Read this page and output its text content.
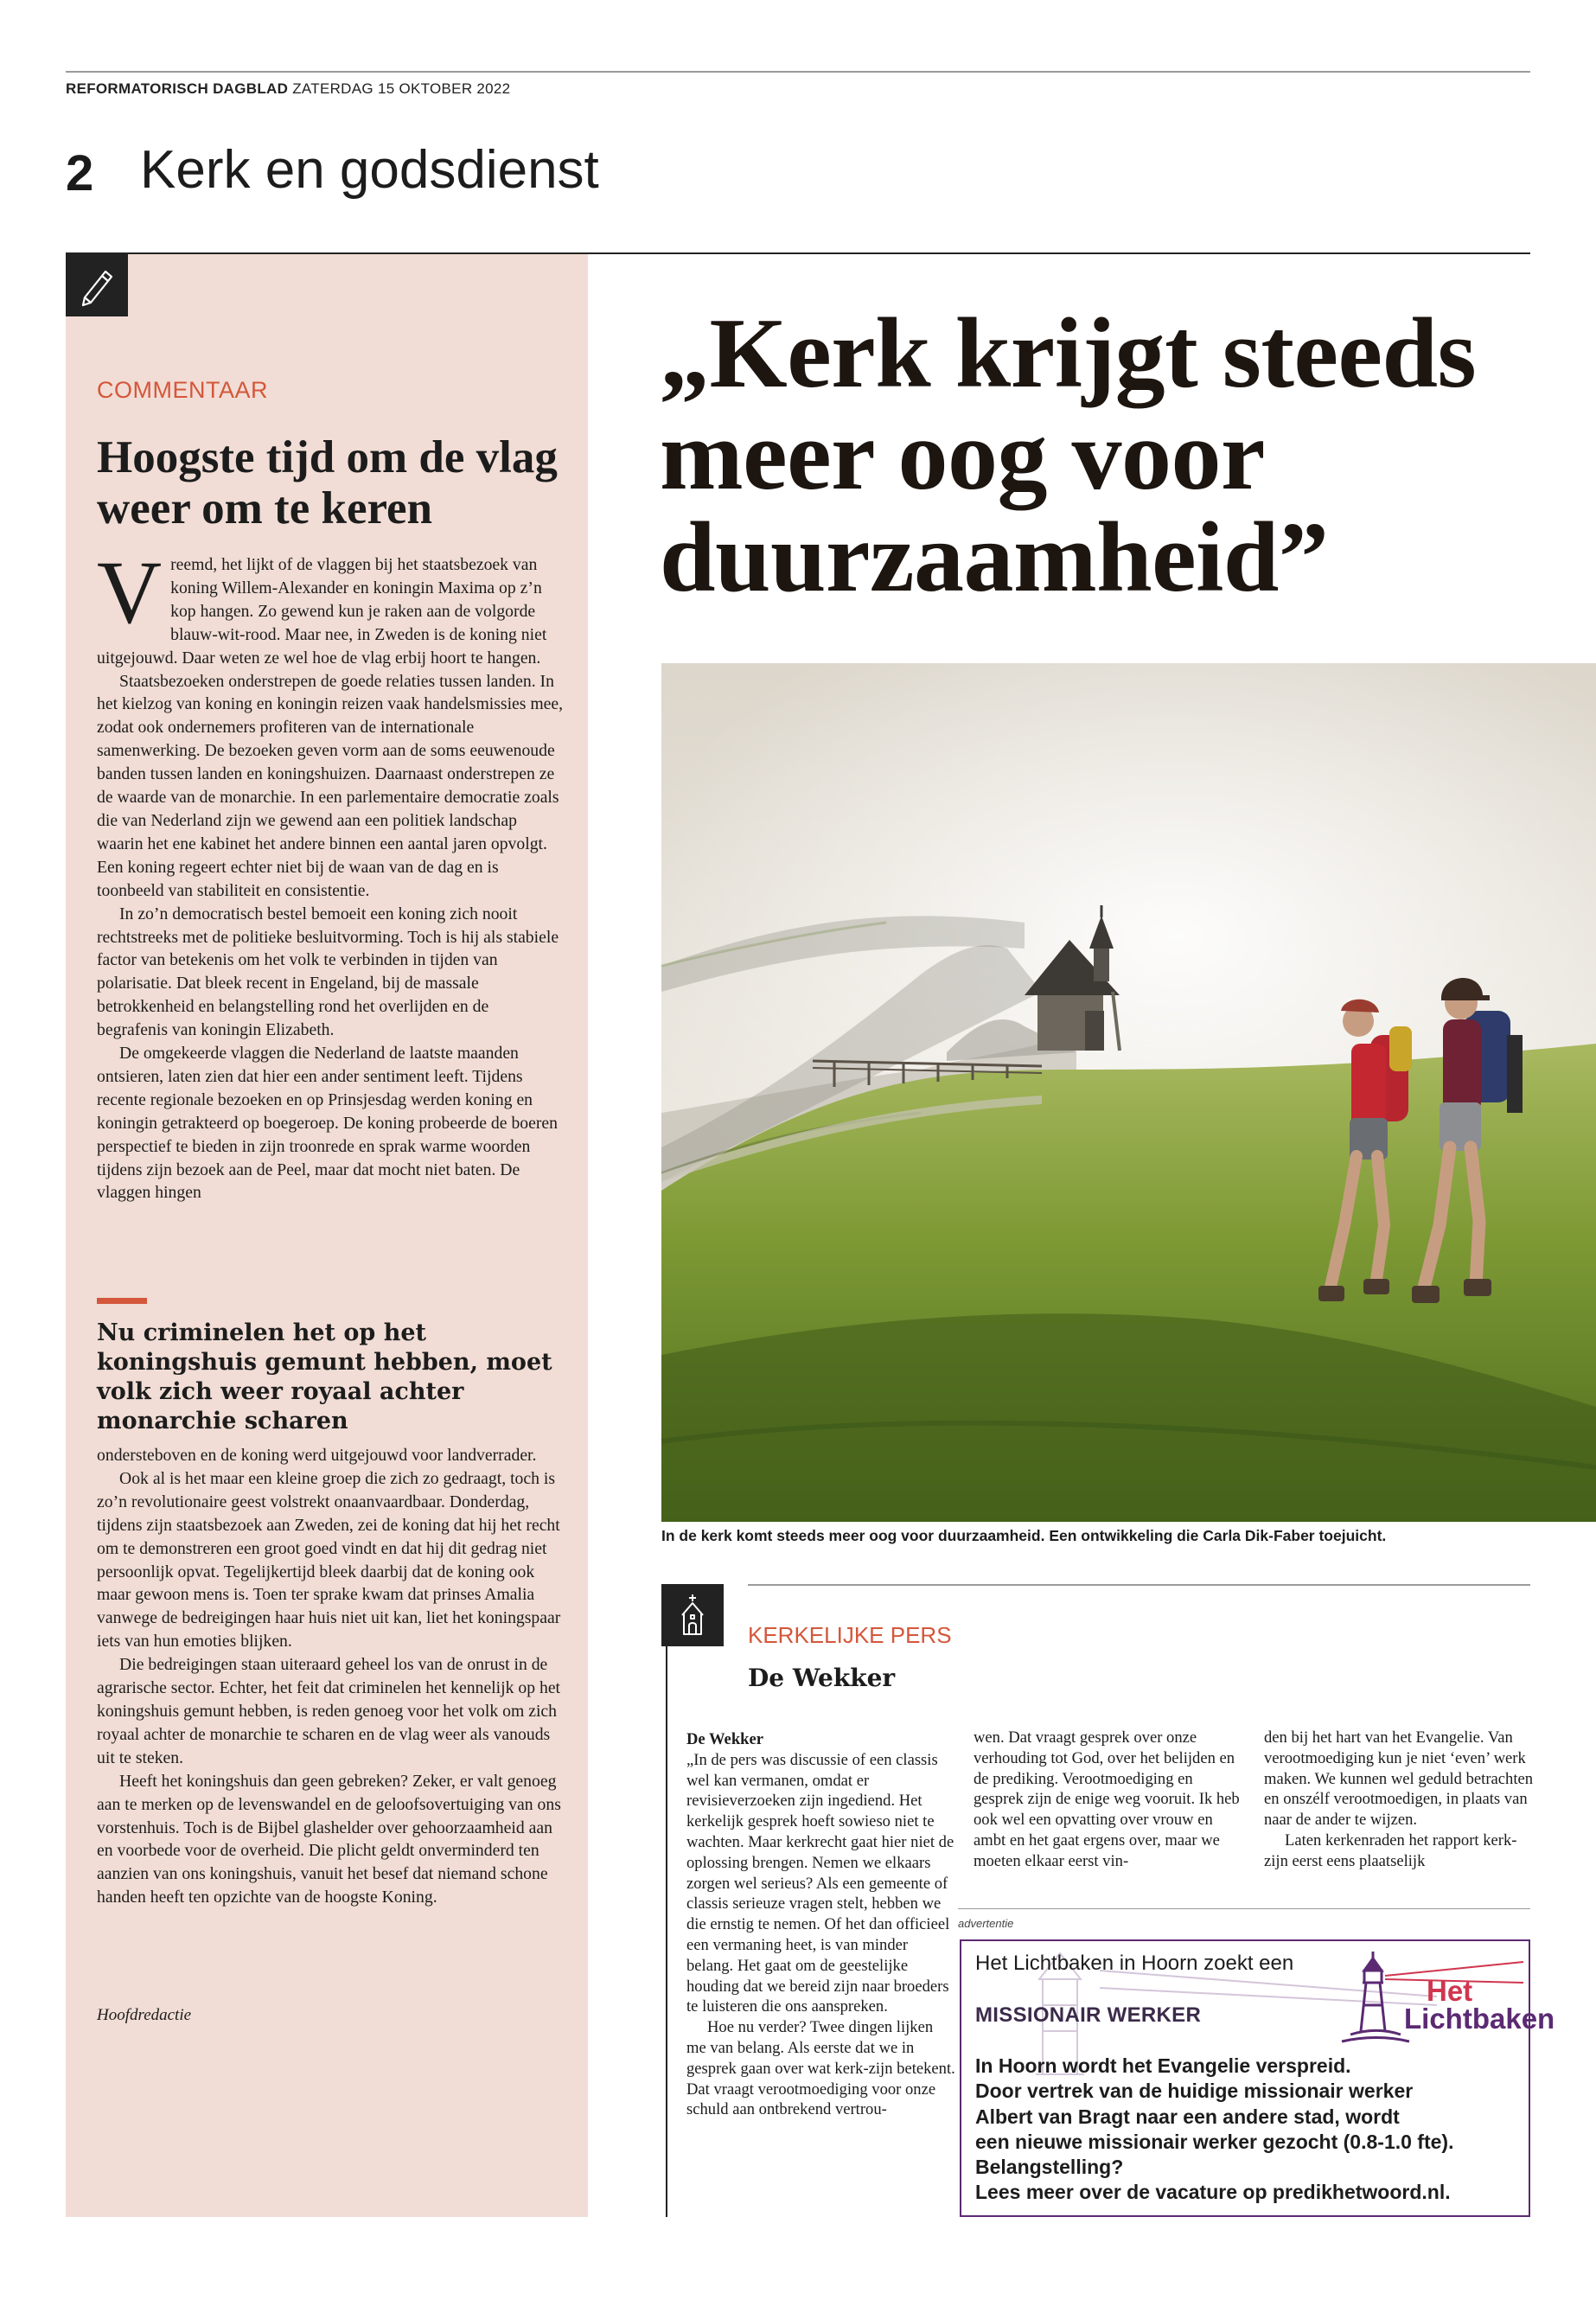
REFORMATORISCH DAGBLAD ZATERDAG 15 OKTOBER 2022
2 Kerk en godsdienst
COMMENTAAR
Hoogste tijd om de vlag weer om te keren

Vreemd, het lijkt of de vlaggen bij het staatsbezoek van koning Willem-Alexander en koningin Maxima op z’n kop hangen. Zo gewend kun je raken aan de volgorde blauw-wit-rood. Maar nee, in Zweden is de koning niet uitgejouwd. Daar weten ze wel hoe de vlag erbij hoort te hangen.

Staatsbezoeken onderstrepen de goede relaties tussen landen. In het kielzog van koning en koningin reizen vaak handelsmissies mee, zodat ook ondernemers profiteren van de internationale samenwerking. De bezoeken geven vorm aan de soms eeuwenoude banden tussen landen en koningshuizen. Daarnaast onderstrepen ze de waarde van de monarchie. In een parlementaire democratie zoals die van Nederland zijn we gewend aan een politiek landschap waarin het ene kabinet het andere binnen een aantal jaren opvolgt. Een koning regeert echter niet bij de waan van de dag en is toonbeeld van stabiliteit en consistentie.

In zo’n democratisch bestel bemoeit een koning zich nooit rechtstreeks met de politieke besluitvorming. Toch is hij als stabiele factor van betekenis om het volk te verbinden in tijden van polarisatie. Dat bleek recent in Engeland, bij de massale betrokkenheid en belangstelling rond het overlijden en de begrafenis van koningin Elizabeth.

De omgekeerde vlaggen die Nederland de laatste maanden ontsieren, laten zien dat hier een ander sentiment leeft. Tijdens recente regionale bezoeken en op Prinsjesdag werden koning en koningin getrakteerd op boegeroep. De koning probeerde de boeren perspectief te bieden in zijn troonrede en sprak warme woorden tijdens zijn bezoek aan de Peel, maar dat mocht niet baten. De vlaggen hingen

Nu criminelen het op het koningshuis gemunt hebben, moet volk zich weer royaal achter monarchie scharen

ondersteboven en de koning werd uitgejouwd voor landverrader.

Ook al is het maar een kleine groep die zich zo gedraagt, toch is zo’n revolutionaire geest volstrekt onaanvaardbaar. Donderdag, tijdens zijn staatsbezoek aan Zweden, zei de koning dat hij het recht om te demonstreren een groot goed vindt en dat hij dit gedrag niet persoonlijk opvat. Tegelijkertijd bleek daarbij dat de koning ook maar gewoon mens is. Toen ter sprake kwam dat prinses Amalia vanwege de bedreigingen haar huis niet uit kan, liet het koningspaar iets van hun emoties blijken.

Die bedreigingen staan uiteraard geheel los van de onrust in de agrarische sector. Echter, het feit dat criminelen het kennelijk op het koningshuis gemunt hebben, is reden genoeg voor het volk om zich royaal achter de monarchie te scharen en de vlag weer als vanouds uit te steken.

Heeft het koningshuis dan geen gebreken? Zeker, er valt genoeg aan te merken op de levenswandel en de geloofsovertuiging van ons vorstenhuis. Toch is de Bijbel glashelder over gehoorzaamheid aan en voorbede voor de overheid. Die plicht geldt onverminderd ten aanzien van ons koningshuis, vanuit het besef dat niemand schone handen heeft ten opzichte van de hoogste Koning.

Hoofdredactie
„Kerk krijgt steeds meer oog voor duurzaamheid”
In de kerk komt steeds meer oog voor duurzaamheid. Een ontwikkeling die Carla Dik-Faber toejuicht.
KERKELIJKE PERS
De Wekker

De Wekker
„In de pers was discussie of een classis wel kan vermanen, omdat er revisieverzoeken zijn ingediend. Het kerkelijk gesprek hoeft sowieso niet te wachten. Maar kerkrecht gaat hier niet de oplossing brengen. Nemen we elkaars zorgen wel serieus? Als een gemeente of classis serieuze vragen stelt, hebben we die ernstig te nemen. Of het dan officieel een vermaning heet, is van minder belang. Het gaat om de geestelijke houding dat we bereid zijn naar broeders te luisteren die ons aanspreken.

Hoe nu verder? Twee dingen lijken me van belang. Als eerste dat we in gesprek gaan over wat kerk-zijn betekent. Dat vraagt verootmoediging voor onze schuld aan ontbrekend vertrou-

wen. Dat vraagt gesprek over onze verhouding tot God, over het belijden en de prediking. Verootmoediging en gesprek zijn de enige weg vooruit. Ik heb ook wel een opvatting over vrouw en ambt en het gaat ergens over, maar we moeten elkaar eerst vin-

den bij het hart van het Evangelie. Van verootmoediging kun je niet ‘even’ werk maken. We kunnen wel geduld betrachten en onszélf verootmoedigen, in plaats van naar de ander te wijzen.

Laten kerkenraden het rapport kerk-zijn eerst eens plaatselijk

advertentie
Het Lichtbaken in Hoorn zoekt een
MISSIONAIR WERKER
Het
Lichtbaken
In Hoorn wordt het Evangelie verspreid.
Door vertrek van de huidige missionair werker
Albert van Bragt naar een andere stad, wordt
een nieuwe missionair werker gezocht (0.8-1.0 fte).
Belangstelling?
Lees meer over de vacature op predikhetwoord.nl.
